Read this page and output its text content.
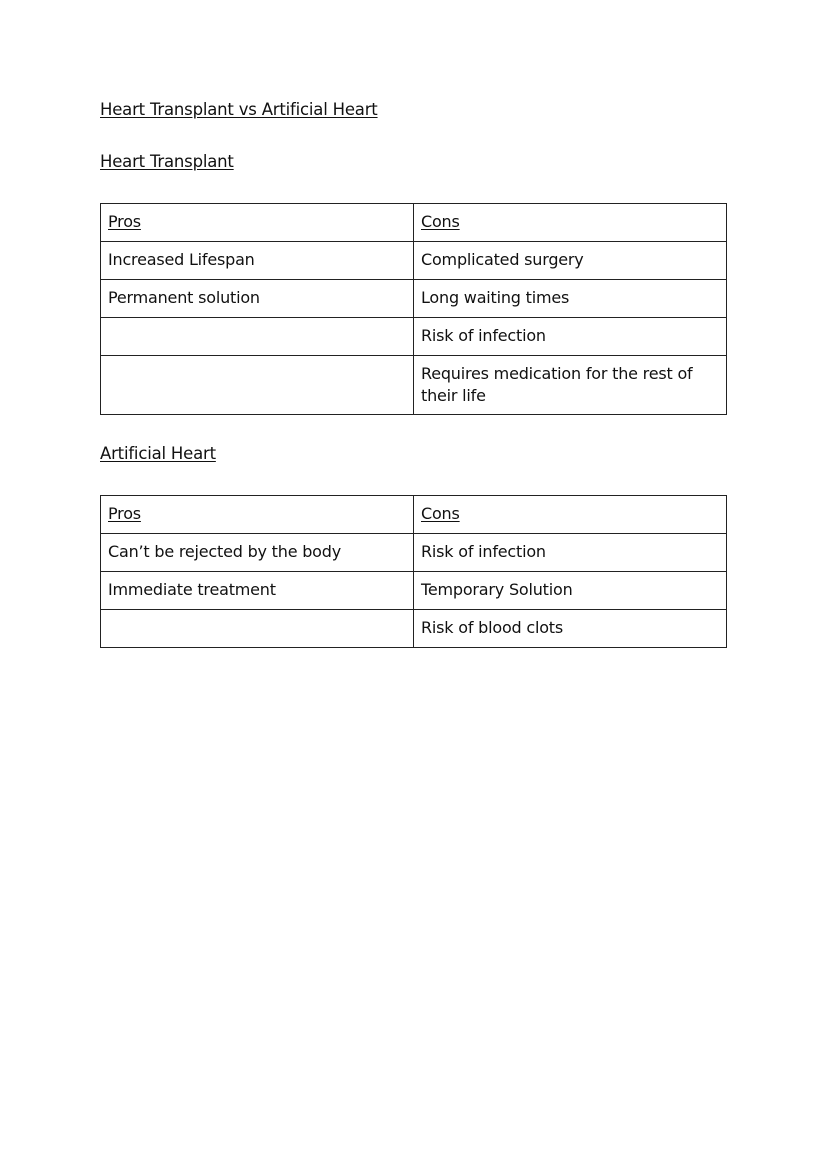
Heart Transplant vs Artificial Heart
Heart Transplant
Pros	Cons
Increased Lifespan	Complicated surgery
Permanent solution	Long waiting times
	Risk of infection
	Requires medication for the rest of their life
Artificial Heart
Pros	Cons
Can’t be rejected by the body	Risk of infection
Immediate treatment	Temporary Solution
	Risk of blood clots
